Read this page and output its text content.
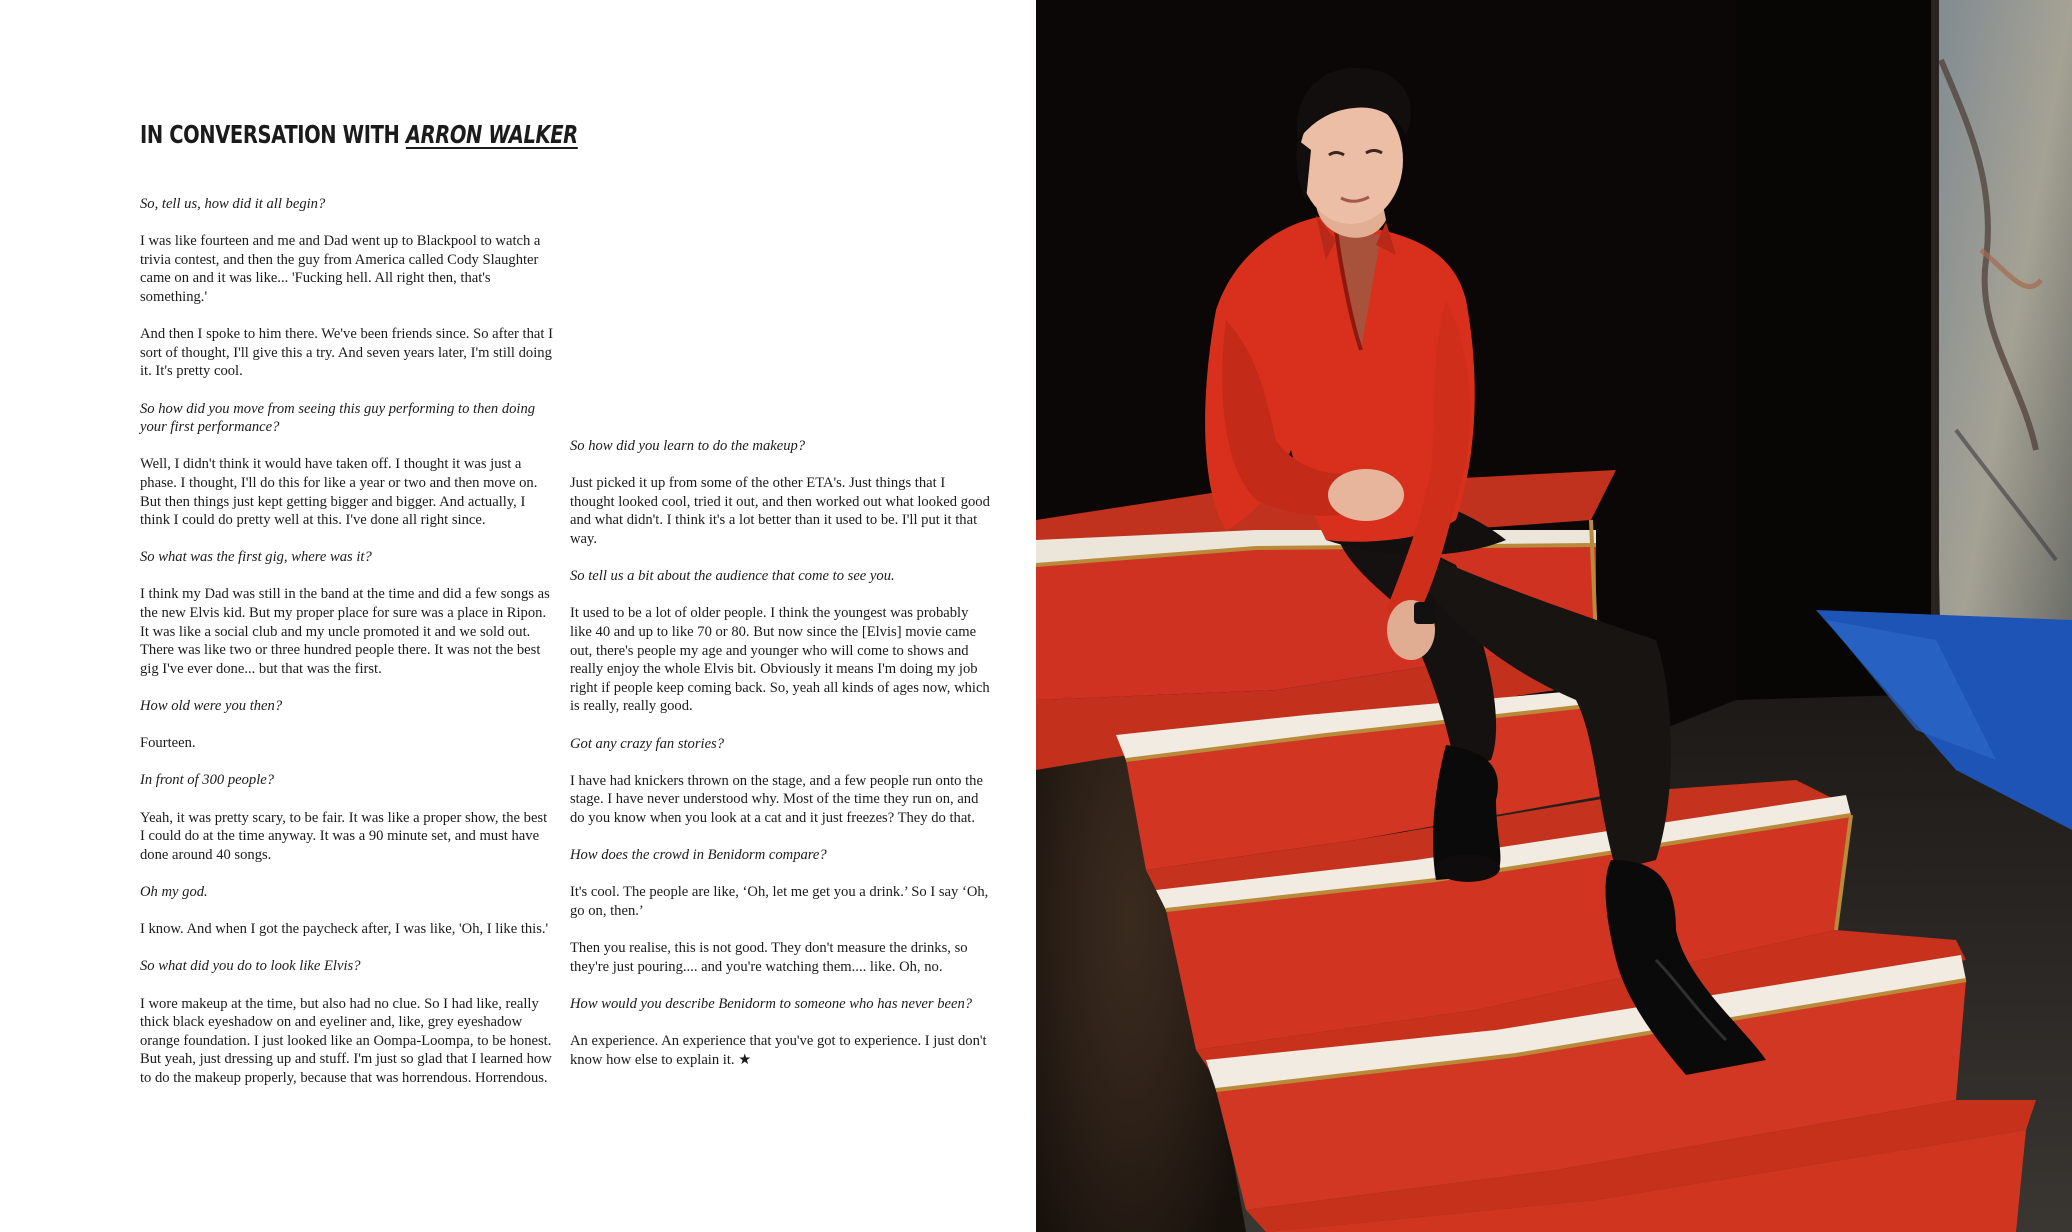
IN CONVERSATION WITH ARRON WALKER

So, tell us, how did it all begin?

I was like fourteen and me and Dad went up to Blackpool to watch a trivia contest, and then the guy from America called Cody Slaughter came on and it was like... 'Fucking hell. All right then, that's something.'

And then I spoke to him there. We've been friends since. So after that I sort of thought, I'll give this a try. And seven years later, I'm still doing it. It's pretty cool.

So how did you move from seeing this guy performing to then doing your first performance?

Well, I didn't think it would have taken off. I thought it was just a phase. I thought, I'll do this for like a year or two and then move on. But then things just kept getting bigger and bigger. And actually, I think I could do pretty well at this. I've done all right since.

So what was the first gig, where was it?

I think my Dad was still in the band at the time and did a few songs as the new Elvis kid. But my proper place for sure was a place in Ripon. It was like a social club and my uncle promoted it and we sold out. There was like two or three hundred people there. It was not the best gig I've ever done... but that was the first.

How old were you then?

Fourteen.

In front of 300 people?

Yeah, it was pretty scary, to be fair. It was like a proper show, the best I could do at the time anyway. It was a 90 minute set, and must have done around 40 songs.

Oh my god.

I know. And when I got the paycheck after, I was like, 'Oh, I like this.'

So what did you do to look like Elvis?

I wore makeup at the time, but also had no clue. So I had like, really thick black eyeshadow on and eyeliner and, like, grey eyeshadow orange foundation. I just looked like an Oompa-Loompa, to be honest. But yeah, just dressing up and stuff. I'm just so glad that I learned how to do the makeup properly, because that was horrendous. Horrendous.

So how did you learn to do the makeup?

Just picked it up from some of the other ETA's. Just things that I thought looked cool, tried it out, and then worked out what looked good and what didn't. I think it's a lot better than it used to be. I'll put it that way.

So tell us a bit about the audience that come to see you.

It used to be a lot of older people. I think the youngest was probably like 40 and up to like 70 or 80. But now since the [Elvis] movie came out, there's people my age and younger who will come to shows and really enjoy the whole Elvis bit. Obviously it means I'm doing my job right if people keep coming back. So, yeah all kinds of ages now, which is really, really good.

Got any crazy fan stories?

I have had knickers thrown on the stage, and a few people run onto the stage. I have never understood why. Most of the time they run on, and do you know when you look at a cat and it just freezes? They do that.

How does the crowd in Benidorm compare?

It's cool. The people are like, ‘Oh, let me get you a drink.’ So I say ‘Oh, go on, then.’

Then you realise, this is not good. They don't measure the drinks, so they're just pouring.... and you're watching them.... like. Oh, no.

How would you describe Benidorm to someone who has never been?

An experience. An experience that you've got to experience. I just don't know how else to explain it. ★
